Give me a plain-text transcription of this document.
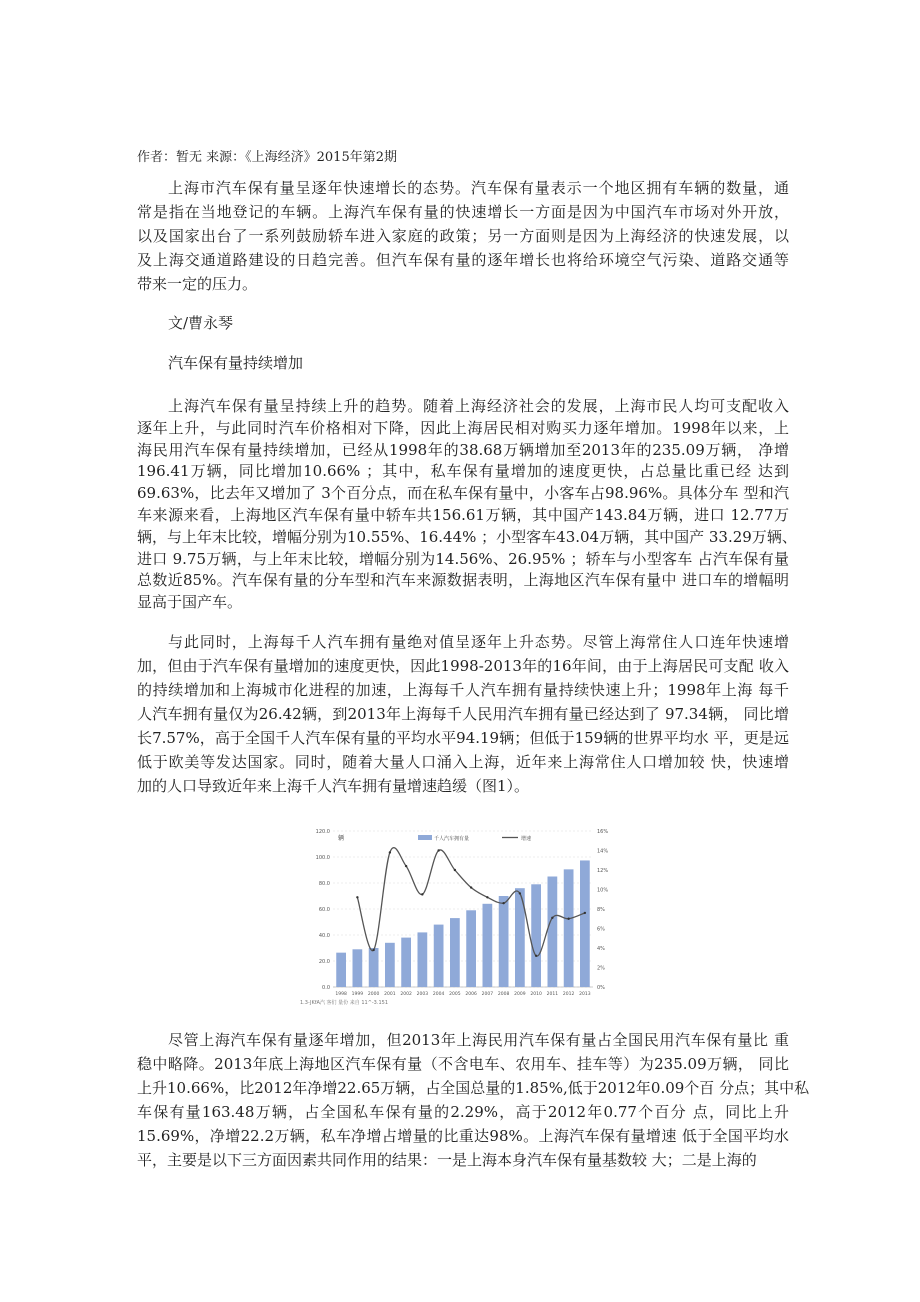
作者：暂无 来源：《上海经济》2015年第2期
上海市汽车保有量呈逐年快速增长的态势。汽车保有量表示一个地区拥有车辆的数量，通
常是指在当地登记的车辆。上海汽车保有量的快速增长一方面是因为中国汽车市场对外开放，
以及国家出台了一系列鼓励轿车进入家庭的政策；另一方面则是因为上海经济的快速发展，以
及上海交通道路建设的日趋完善。但汽车保有量的逐年增长也将给环境空气污染、道路交通等
带来一定的压力。
文/曹永琴
汽车保有量持续增加
上海汽车保有量呈持续上升的趋势。随着上海经济社会的发展，上海市民人均可支配收入
逐年上升，与此同时汽车价格相对下降，因此上海居民相对购买力逐年增加。1998年以来，上
海民用汽车保有量持续增加，已经从1998年的38.68万辆增加至2013年的235.09万辆， 净增
196.41万辆，同比增加10.66% ；其中，私车保有量增加的速度更快，占总量比重已经 达到
69.63%，比去年又增加了 3个百分点，而在私车保有量中，小客车占98.96%。具体分车 型和汽
车来源来看，上海地区汽车保有量中轿车共156.61万辆，其中国产143.84万辆，进口 12.77万
辆，与上年末比较，增幅分别为10.55%、16.44% ；小型客车43.04万辆，其中国产 33.29万辆、
进口 9.75万辆，与上年末比较，增幅分别为14.56%、26.95% ；轿车与小型客车 占汽车保有量
总数近85%。汽车保有量的分车型和汽车来源数据表明，上海地区汽车保有量中 进口车的增幅明
显高于国产车。
与此同时，上海每千人汽车拥有量绝对值呈逐年上升态势。尽管上海常住人口连年快速增
加，但由于汽车保有量增加的速度更快，因此1998-2013年的16年间，由于上海居民可支配 收入
的持续增加和上海城市化进程的加速，上海每千人汽车拥有量持续快速上升；1998年上海 每千
人汽车拥有量仅为26.42辆，到2013年上海每千人民用汽车拥有量已经达到了 97.34辆， 同比增
长7.57%，高于全国千人汽车保有量的平均水平94.19辆；但低于159辆的世界平均水 平，更是远
低于欧美等发达国家。同时，随着大量人口涌入上海，近年来上海常住人口增加较 快，快速增
加的人口导致近年来上海千人汽车拥有量增速趋缓（图1）。
0.0
20.0
40.0
60.0
80.0
100.0
120.0
0%
2%
4%
6%
8%
10%
12%
14%
16%
1998 1999 2000 2001 2002 2003 2004 2005 2006 2007 2008 2009 2010 2011 2012 2013
辆	千人汽车拥有量	增速
1.3-JKfA汽 客们 量份 来自 11^-3.151
尽管上海汽车保有量逐年增加，但2013年上海民用汽车保有量占全国民用汽车保有量比 重
稳中略降。2013年底上海地区汽车保有量（不含电车、农用车、挂车等）为235.09万辆， 同比
上升10.66%，比2012年净增22.65万辆，占全国总量的1.85%,低于2012年0.09个百 分点；其中私
车保有量163.48万辆，占全国私车保有量的2.29%，高于2012年0.77个百分 点，同比上升
15.69%，净增22.2万辆，私车净增占增量的比重达98%。上海汽车保有量增速 低于全国平均水
平，主要是以下三方面因素共同作用的结果：一是上海本身汽车保有量基数较 大；二是上海的
